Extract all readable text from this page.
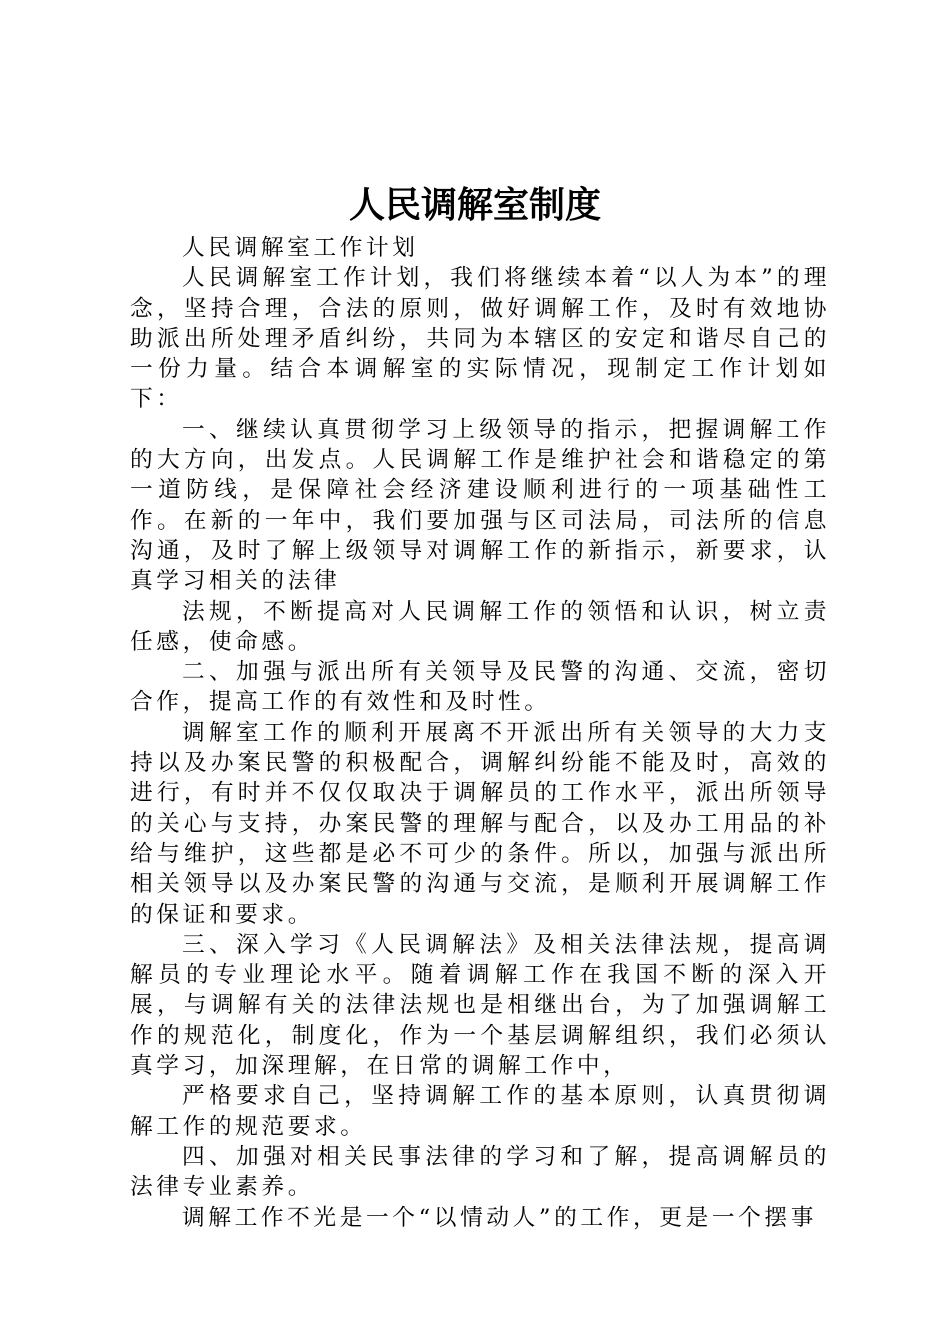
人民调解室制度

人民调解室工作计划

人民调解室工作计划，我们将继续本着“以人为本”的理念，坚持合理，合法的原则，做好调解工作，及时有效地协助派出所处理矛盾纠纷，共同为本辖区的安定和谐尽自己的一份力量。结合本调解室的实际情况，现制定工作计划如下：

一、继续认真贯彻学习上级领导的指示，把握调解工作的大方向，出发点。人民调解工作是维护社会和谐稳定的第一道防线，是保障社会经济建设顺利进行的一项基础性工作。在新的一年中，我们要加强与区司法局，司法所的信息沟通，及时了解上级领导对调解工作的新指示，新要求，认真学习相关的法律

法规，不断提高对人民调解工作的领悟和认识，树立责任感，使命感。

二、加强与派出所有关领导及民警的沟通、交流，密切合作，提高工作的有效性和及时性。

调解室工作的顺利开展离不开派出所有关领导的大力支持以及办案民警的积极配合，调解纠纷能不能及时，高效的进行，有时并不仅仅取决于调解员的工作水平，派出所领导的关心与支持，办案民警的理解与配合，以及办工用品的补给与维护，这些都是必不可少的条件。所以，加强与派出所相关领导以及办案民警的沟通与交流，是顺利开展调解工作的保证和要求。

三、深入学习《人民调解法》及相关法律法规，提高调解员的专业理论水平。随着调解工作在我国不断的深入开展，与调解有关的法律法规也是相继出台，为了加强调解工作的规范化，制度化，作为一个基层调解组织，我们必须认真学习，加深理解，在日常的调解工作中，

严格要求自己，坚持调解工作的基本原则，认真贯彻调解工作的规范要求。

四、加强对相关民事法律的学习和了解，提高调解员的法律专业素养。

调解工作不光是一个“以情动人”的工作，更是一个摆事
